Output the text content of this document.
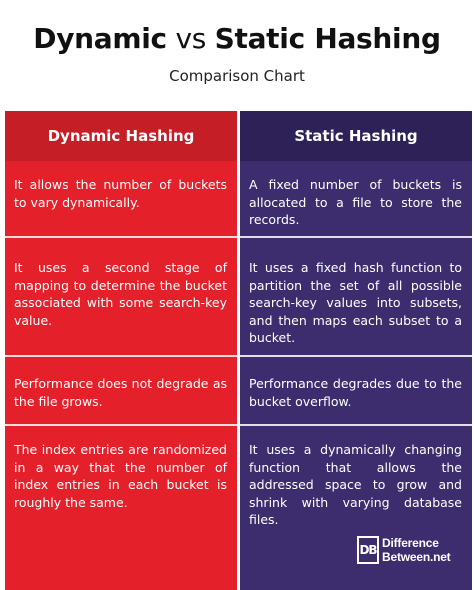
Dynamic vs Static Hashing
Comparison Chart
Dynamic Hashing
It allows the number of buckets to vary dynamically.
It uses a second stage of mapping to determine the bucket associated with some search-key value.
Performance does not degrade as the file grows.
The index entries are randomized in a way that the number of index entries in each bucket is roughly the same.
Static Hashing
A fixed number of buckets is allocated to a file to store the records.
It uses a fixed hash function to partition the set of all possible search-key values into subsets, and then maps each subset to a bucket.
Performance degrades due to the bucket overflow.
It uses a dynamically changing function that allows the addressed space to grow and shrink with varying database files.
DB Difference
Between.net
